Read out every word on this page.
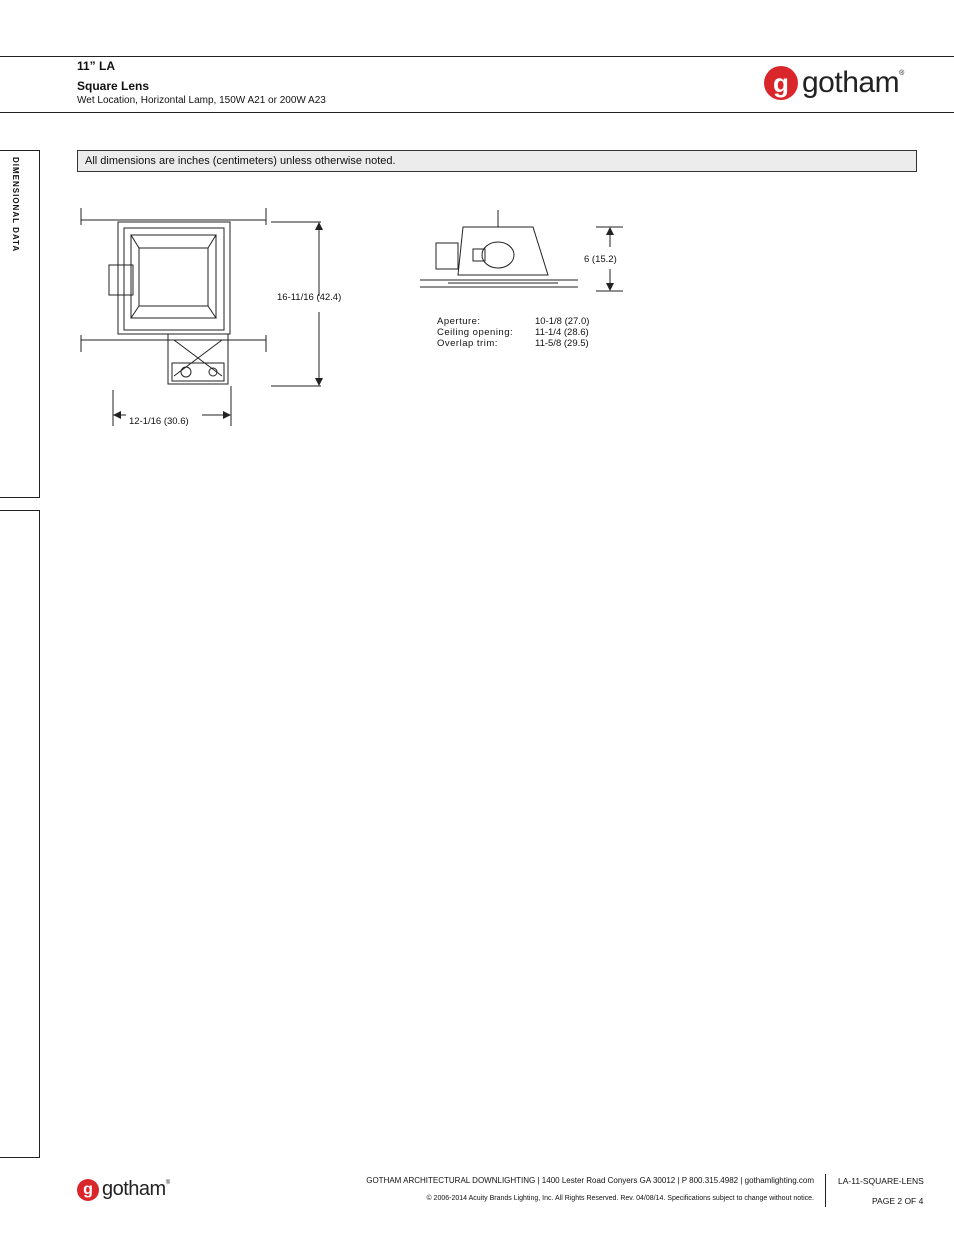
11” LA
Square Lens
Wet Location, Horizontal Lamp, 150W A21 or 200W A23
g gotham ®
DIMENSIONAL DATA	All dimensions are inches (centimeters) unless otherwise noted.
16-11/16 (42.4)
12-1/16 (30.6)
6 (15.2)
Aperture:	10-1/8 (27.0)
Ceiling opening:	11-1/4 (28.6)
Overlap trim:	11-5/8 (29.5)
g gotham ®	GOTHAM ARCHITECTURAL DOWNLIGHTING | 1400 Lester Road Conyers GA 30012 | P 800.315.4982 | gothamlighting.com
© 2006-2014 Acuity Brands Lighting, Inc. All Rights Reserved. Rev. 04/08/14. Specifications subject to change without notice.
LA-11-SQUARE-LENS
PAGE 2 OF 4
